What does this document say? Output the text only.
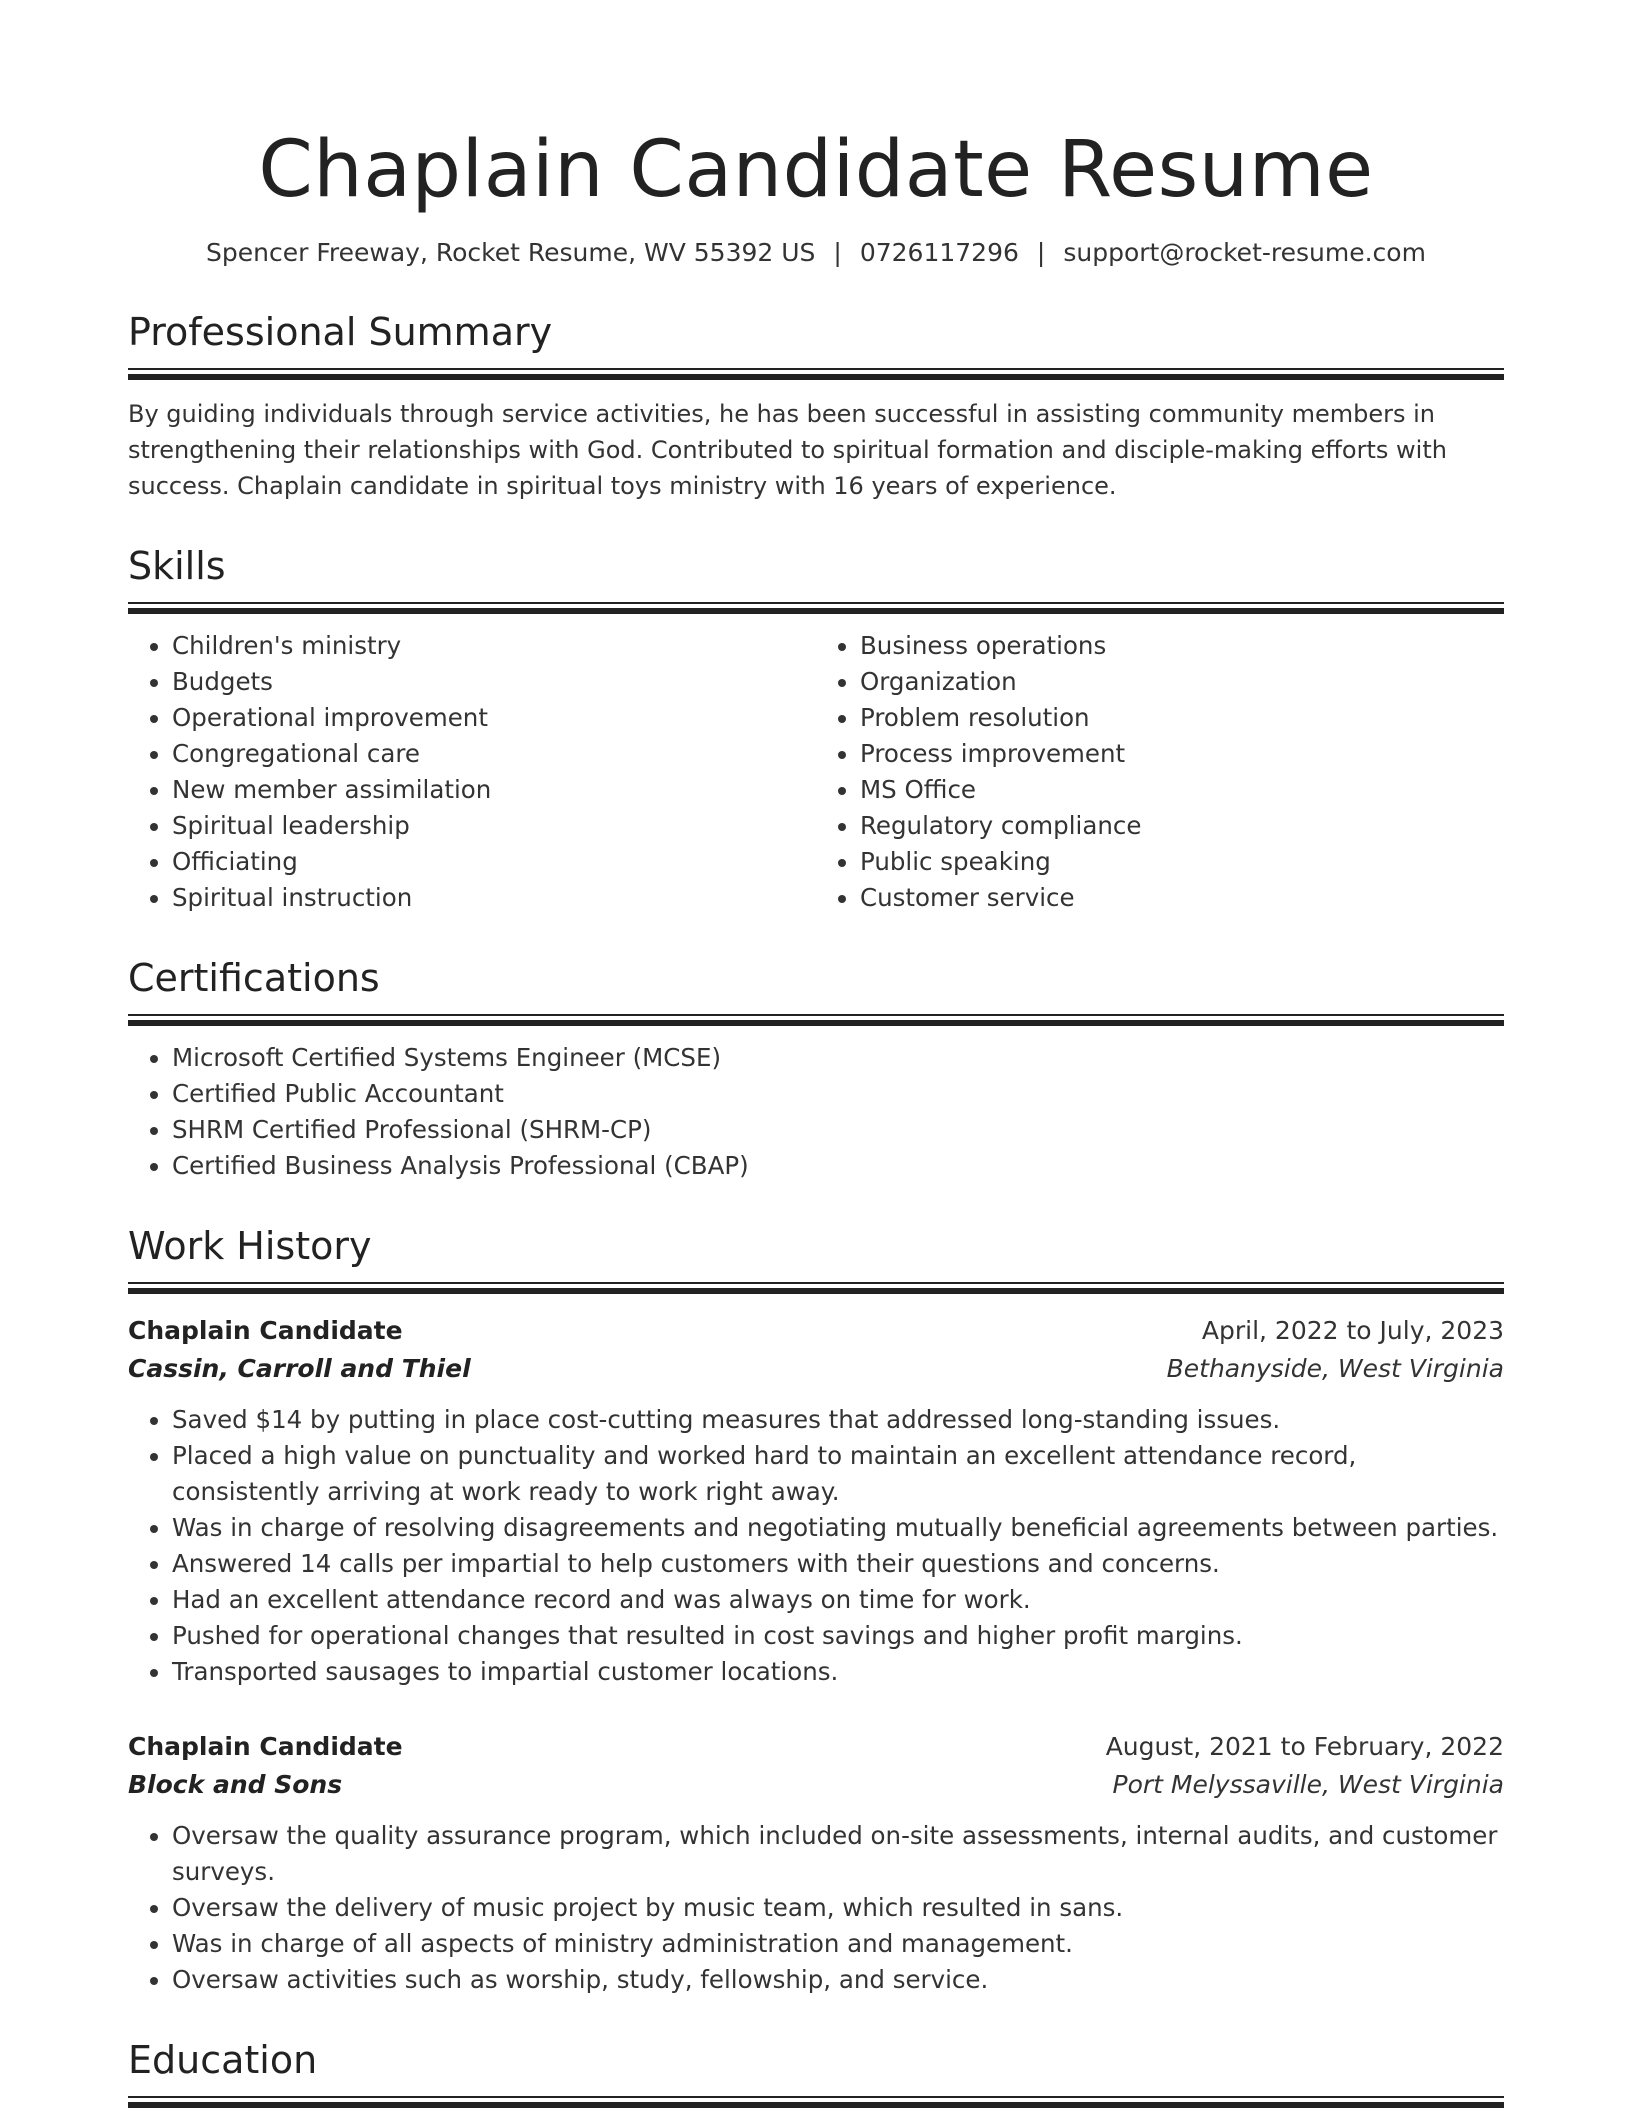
Chaplain Candidate Resume
Spencer Freeway, Rocket Resume, WV 55392 US | 0726117296 | support@rocket-resume.com
Professional Summary
By guiding individuals through service activities, he has been successful in assisting community members in strengthening their relationships with God. Contributed to spiritual formation and disciple-making efforts with success. Chaplain candidate in spiritual toys ministry with 16 years of experience.
Skills
• Children's ministry
• Budgets
• Operational improvement
• Congregational care
• New member assimilation
• Spiritual leadership
• Officiating
• Spiritual instruction
• Business operations
• Organization
• Problem resolution
• Process improvement
• MS Office
• Regulatory compliance
• Public speaking
• Customer service
Certifications
• Microsoft Certified Systems Engineer (MCSE)
• Certified Public Accountant
• SHRM Certified Professional (SHRM-CP)
• Certified Business Analysis Professional (CBAP)
Work History
Chaplain Candidate	April, 2022 to July, 2023
Cassin, Carroll and Thiel	Bethanyside, West Virginia
• Saved $14 by putting in place cost-cutting measures that addressed long-standing issues.
• Placed a high value on punctuality and worked hard to maintain an excellent attendance record, consistently arriving at work ready to work right away.
• Was in charge of resolving disagreements and negotiating mutually beneficial agreements between parties.
• Answered 14 calls per impartial to help customers with their questions and concerns.
• Had an excellent attendance record and was always on time for work.
• Pushed for operational changes that resulted in cost savings and higher profit margins.
• Transported sausages to impartial customer locations.
Chaplain Candidate	August, 2021 to February, 2022
Block and Sons	Port Melyssaville, West Virginia
• Oversaw the quality assurance program, which included on-site assessments, internal audits, and customer surveys.
• Oversaw the delivery of music project by music team, which resulted in sans.
• Was in charge of all aspects of ministry administration and management.
• Oversaw activities such as worship, study, fellowship, and service.
Education
